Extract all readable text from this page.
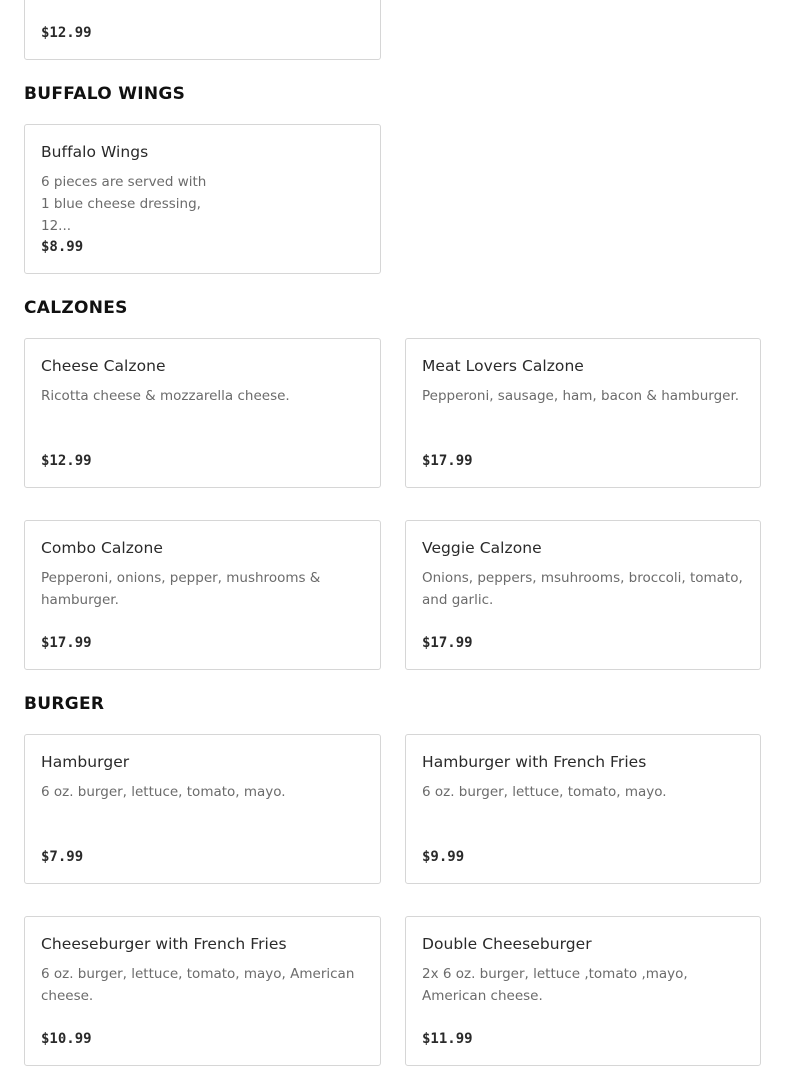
$12.99
BUFFALO WINGS
Buffalo Wings
6 pieces are served with 1 blue cheese dressing, 12...
$8.99
CALZONES
Cheese Calzone
Ricotta cheese & mozzarella cheese.
$12.99
Meat Lovers Calzone
Pepperoni, sausage, ham, bacon & hamburger.
$17.99
Combo Calzone
Pepperoni, onions, pepper, mushrooms & hamburger.
$17.99
Veggie Calzone
Onions, peppers, msuhrooms, broccoli, tomato, and garlic.
$17.99
BURGER
Hamburger
6 oz. burger, lettuce, tomato, mayo.
$7.99
Hamburger with French Fries
6 oz. burger, lettuce, tomato, mayo.
$9.99
Cheeseburger with French Fries
6 oz. burger, lettuce, tomato, mayo, American cheese.
$10.99
Double Cheeseburger
2x 6 oz. burger, lettuce ,tomato ,mayo, American cheese.
$11.99
